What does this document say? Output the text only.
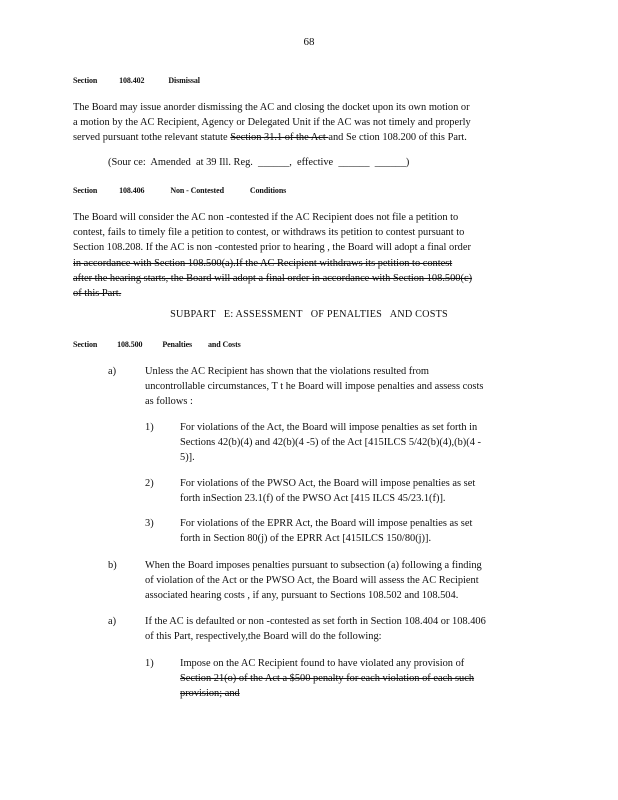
68
Section	108.402	Dismissal
The Board may issue anorder dismissing the AC and closing the docket upon its own motion or
a motion by the AC Recipient, Agency or Delegated Unit if the AC was not timely and properly
served pursuant tothe relevant statute Section 31.1 of the Act and Se ction 108.200 of this Part.
(Sour ce:  Amended  at 39 Ill. Reg.  ______,  effective  ______  ______)
Section	108.406	Non - Contested	Conditions
The Board will consider the AC non -contested if the AC Recipient does not file a petition to
contest, fails to timely file a petition to contest, or withdraws its petition to contest pursuant to
Section 108.208. If the AC is non -contested prior to hearing , the Board will adopt a final order
in accordance with Section 108.500(a).If the AC Recipient withdraws its petition to contest
after the hearing starts, the Board will adopt a final order in accordance with Section 108.500(c)
of this Part.
SUBPART   E: ASSESSMENT   OF PENALTIES   AND COSTS
Section 108.500 Penalties and Costs
a)	Unless the AC Recipient has shown that the violations resulted from
uncontrollable circumstances, T t he Board will impose penalties and assess costs
as follows :
1)	For violations of the Act, the Board will impose penalties as set forth in
Sections 42(b)(4) and 42(b)(4 -5) of the Act [415ILCS 5/42(b)(4),(b)(4 -
5)].
2)	For violations of the PWSO Act, the Board will impose penalties as set
forth inSection 23.1(f) of the PWSO Act [415 ILCS 45/23.1(f)].
3)	For violations of the EPRR Act, the Board will impose penalties as set
forth in Section 80(j) of the EPRR Act [415ILCS 150/80(j)].
b)	When the Board imposes penalties pursuant to subsection (a) following a finding
of violation of the Act or the PWSO Act, the Board will assess the AC Recipient
associated hearing costs , if any, pursuant to Sections 108.502 and 108.504.
a)	If the AC is defaulted or non -contested as set forth in Section 108.404 or 108.406
of this Part, respectively,the Board will do the following:
1)	Impose on the AC Recipient found to have violated any provision of
Section 21(o) of the Act a $500 penalty for each violation of each such
provision; and
